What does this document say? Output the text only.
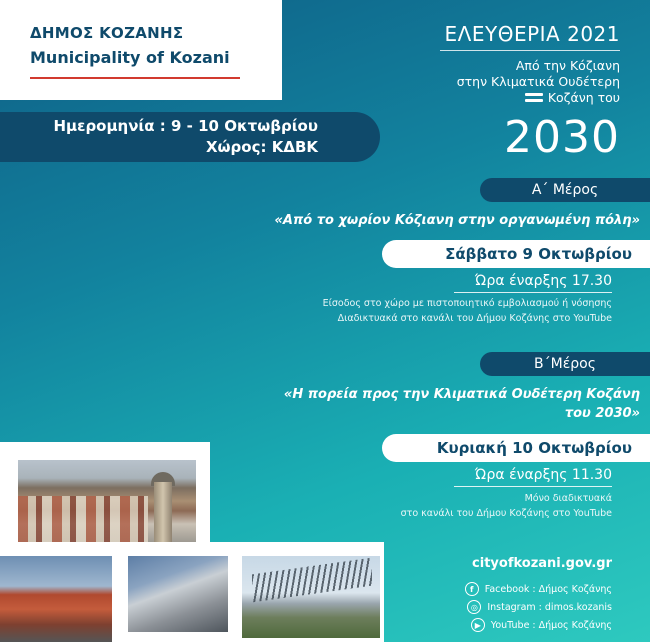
ΔΗΜΟΣ ΚΟΖΑΝΗΣ
Municipality of Kozani
ΕΛΕΥΘΕΡΙΑ 2021
Από την Κόζιανη
στην Κλιματικά Ουδέτερη
Κοζάνη του
2030
Ημερομηνία : 9 - 10 Οκτωβρίου
Χώρος: ΚΔΒΚ
Α΄ Μέρος
«Από το χωρίον Κόζιανη στην οργανωμένη πόλη»
Σάββατο 9 Οκτωβρίου
Ώρα έναρξης 17.30
Είσοδος στο χώρο με πιστοποιητικό εμβολιασμού ή νόσησης
Διαδικτυακά στο κανάλι του Δήμου Κοζάνης στο YouTube
Β΄Μέρος
«Η πορεία προς την Κλιματικά Ουδέτερη Κοζάνη
του 2030»
Κυριακή 10 Οκτωβρίου
Ώρα έναρξης 11.30
Μόνο διαδικτυακά
στο κανάλι του Δήμου Κοζάνης στο YouTube
cityofkozani.gov.gr
f	Facebook : Δήμος Κοζάνης
◎	Instagram : dimos.kozanis
▶	YouTube : Δήμος Κοζάνης
